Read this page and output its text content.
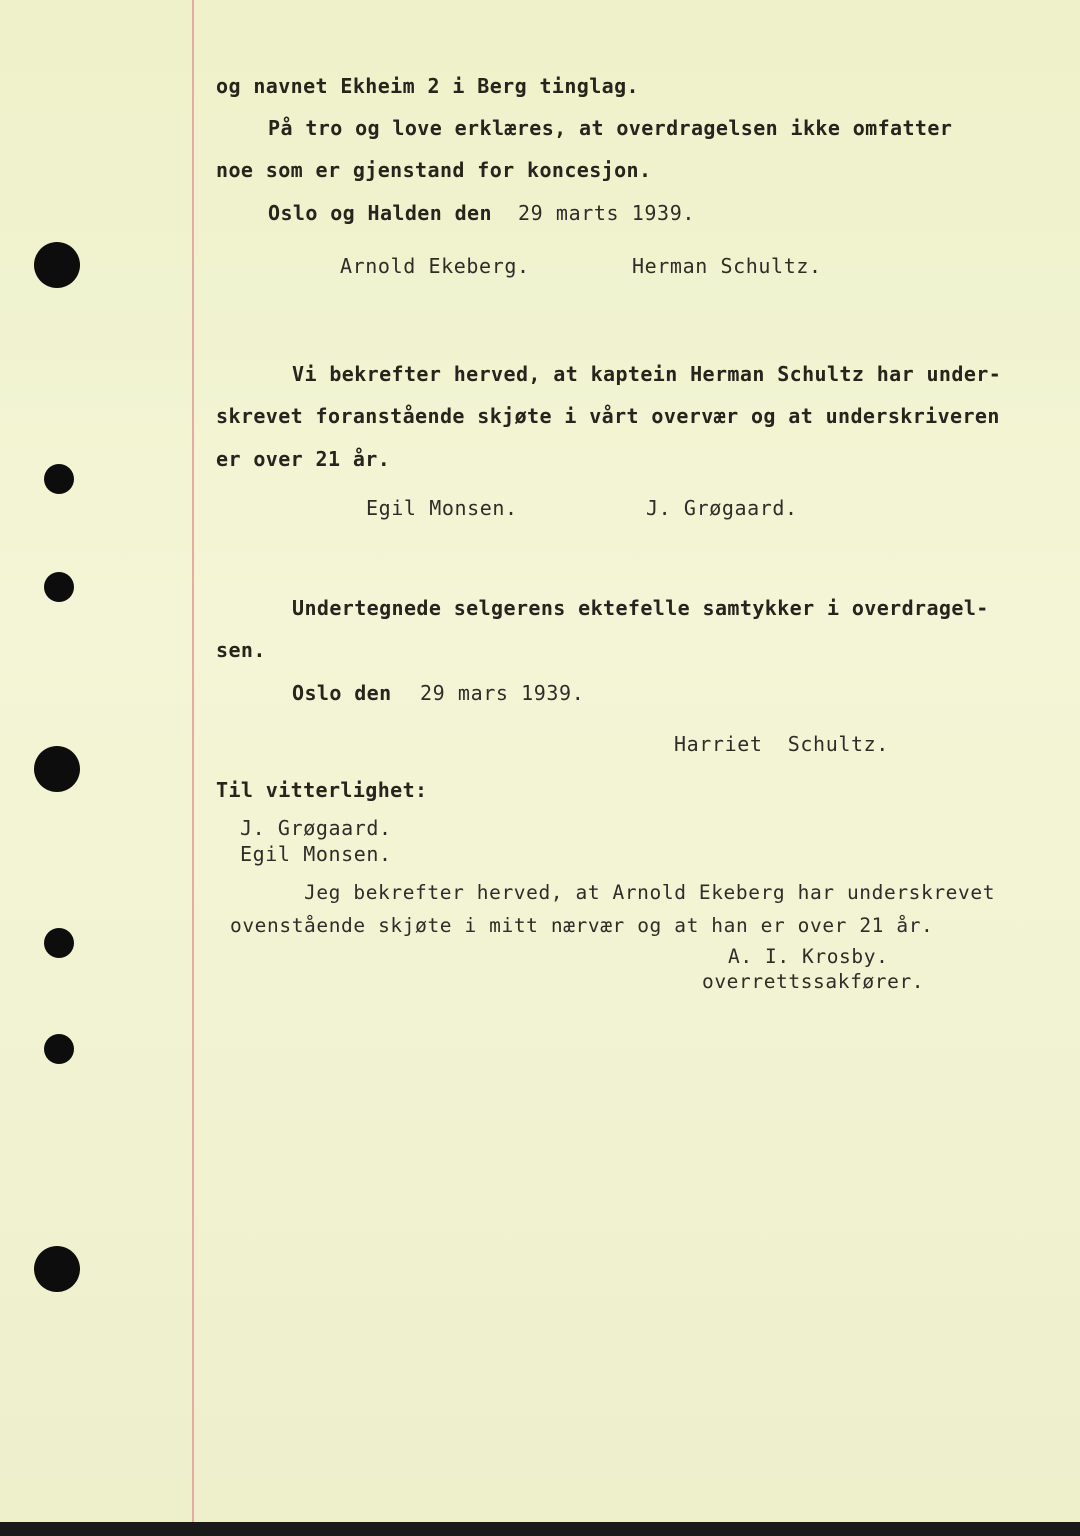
og navnet Ekheim 2 i Berg tinglag.
På tro og love erklæres, at overdragelsen ikke omfatter
noe som er gjenstand for koncesjon.
Oslo og Halden den 29 marts 1939.
Arnold Ekeberg.	Herman Schultz.
Vi bekrefter herved, at kaptein Herman Schultz har under-
skrevet foranstående skjøte i vårt overvær og at underskriveren
er over 21 år.
Egil Monsen.	J. Grøgaard.
Undertegnede selgerens ektefelle samtykker i overdragel-
sen.
Oslo den 29 mars 1939.
Harriet  Schultz.
Til vitterlighet:
J. Grøgaard.
Egil Monsen.
Jeg bekrefter herved, at Arnold Ekeberg har underskrevet
ovenstående skjøte i mitt nærvær og at han er over 21 år.
A. I. Krosby.
overrettssakfører.
